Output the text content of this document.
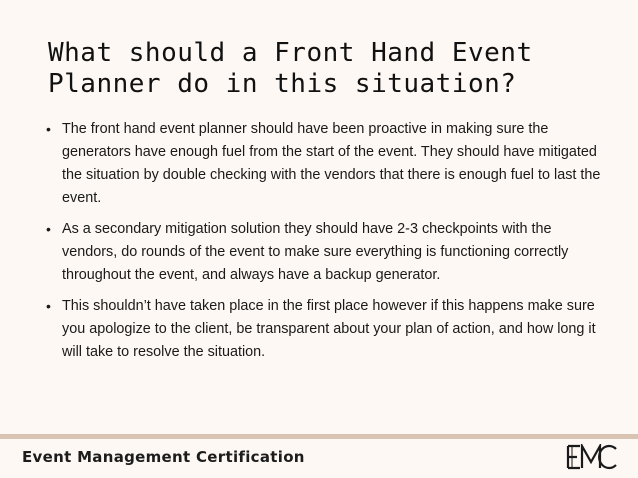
What should a Front Hand Event Planner do in this situation?
• The front hand event planner should have been proactive in making sure the generators have enough fuel from the start of the event. They should have mitigated the situation by double checking with the vendors that there is enough fuel to last the event.
• As a secondary mitigation solution they should have 2-3 checkpoints with the vendors, do rounds of the event to make sure everything is functioning correctly throughout the event, and always have a backup generator.
• This shouldn’t have taken place in the first place however if this happens make sure you apologize to the client, be transparent about your plan of action, and how long it will take to resolve the situation.
Event Management Certification
